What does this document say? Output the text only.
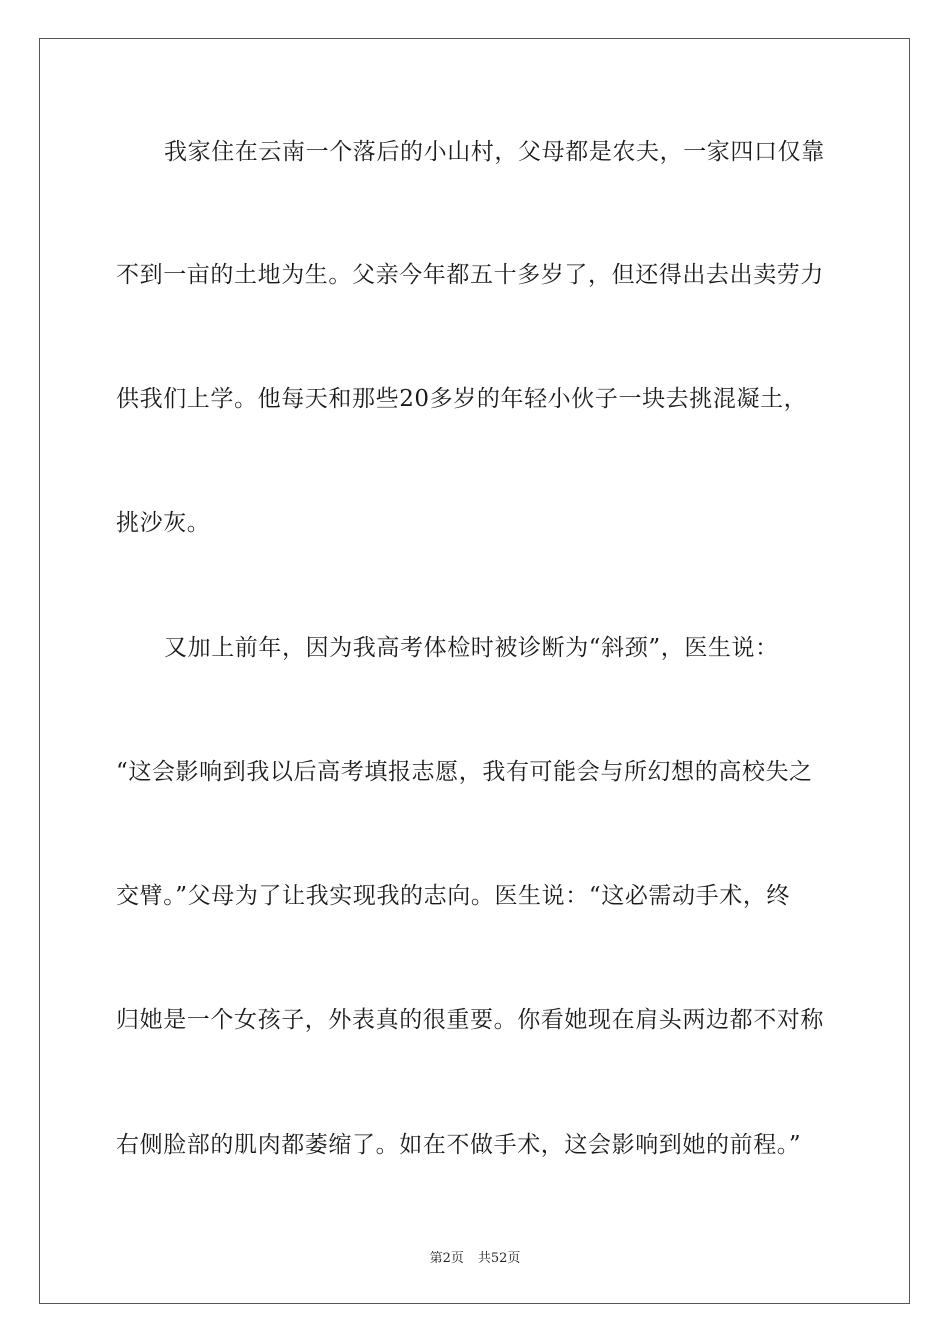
我家住在云南一个落后的小山村，父母都是农夫，一家四口仅靠

不到一亩的土地为生。父亲今年都五十多岁了，但还得出去出卖劳力

供我们上学。他每天和那些20多岁的年轻小伙子一块去挑混凝土，

挑沙灰。

又加上前年，因为我高考体检时被诊断为“斜颈”，医生说：

“这会影响到我以后高考填报志愿，我有可能会与所幻想的高校失之

交臂。”父母为了让我实现我的志向。医生说：“这必需动手术，终

归她是一个女孩子，外表真的很重要。你看她现在肩头两边都不对称

右侧脸部的肌肉都萎缩了。如在不做手术，这会影响到她的前程。”

第2页 共52页
